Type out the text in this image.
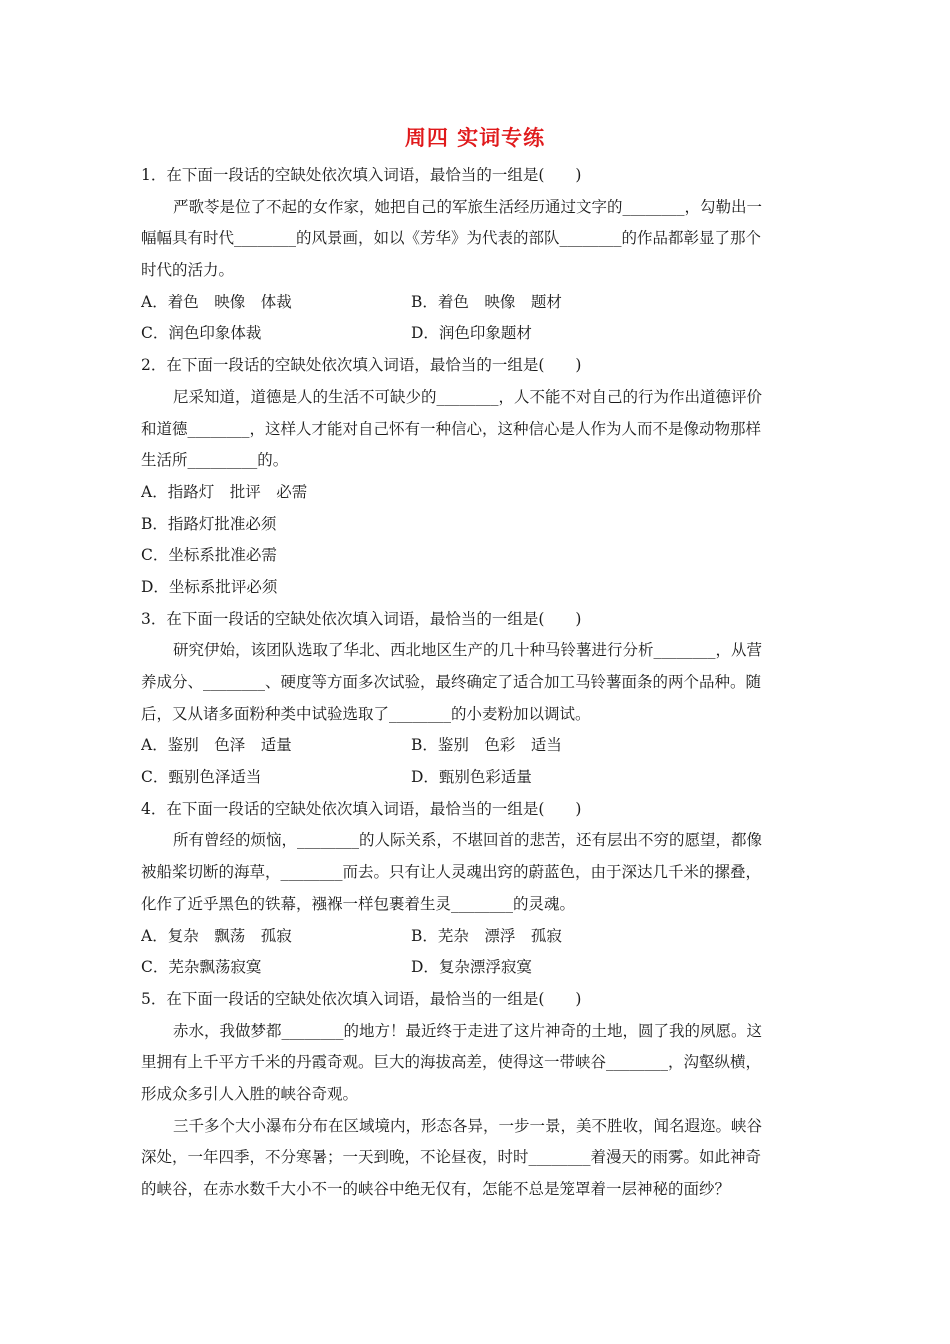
周四 实词专练
1．在下面一段话的空缺处依次填入词语，最恰当的一组是(　　)
严歌苓是位了不起的女作家，她把自己的军旅生活经历通过文字的________，勾勒出一
幅幅具有时代________的风景画，如以《芳华》为代表的部队________的作品都彰显了那个
时代的活力。
A．着色　映像　体裁	B．着色　映像　题材
C．润色印象体裁	D．润色印象题材
2．在下面一段话的空缺处依次填入词语，最恰当的一组是(　　)
尼采知道，道德是人的生活不可缺少的________，人不能不对自己的行为作出道德评价
和道德________，这样人才能对自己怀有一种信心，这种信心是人作为人而不是像动物那样
生活所_________的。
A．指路灯　批评　必需
B．指路灯批准必须
C．坐标系批准必需
D．坐标系批评必须
3．在下面一段话的空缺处依次填入词语，最恰当的一组是(　　)
研究伊始，该团队选取了华北、西北地区生产的几十种马铃薯进行分析________，从营
养成分、________、硬度等方面多次试验，最终确定了适合加工马铃薯面条的两个品种。随
后，又从诸多面粉种类中试验选取了________的小麦粉加以调试。
A．鉴别　色泽　适量	B．鉴别　色彩　适当
C．甄别色泽适当	D．甄别色彩适量
4．在下面一段话的空缺处依次填入词语，最恰当的一组是(　　)
所有曾经的烦恼，________的人际关系，不堪回首的悲苦，还有层出不穷的愿望，都像
被船桨切断的海草，________而去。只有让人灵魂出窍的蔚蓝色，由于深达几千米的摞叠，
化作了近乎黑色的铁幕，襁褓一样包裹着生灵________的灵魂。
A．复杂　飘荡　孤寂	B．芜杂　漂浮　孤寂
C．芜杂飘荡寂寞	D．复杂漂浮寂寞
5．在下面一段话的空缺处依次填入词语，最恰当的一组是(　　)
赤水，我做梦都________的地方！最近终于走进了这片神奇的土地，圆了我的夙愿。这
里拥有上千平方千米的丹霞奇观。巨大的海拔高差，使得这一带峡谷________，沟壑纵横，
形成众多引人入胜的峡谷奇观。
三千多个大小瀑布分布在区域境内，形态各异，一步一景，美不胜收，闻名遐迩。峡谷
深处，一年四季，不分寒暑；一天到晚，不论昼夜，时时________着漫天的雨雾。如此神奇
的峡谷，在赤水数千大小不一的峡谷中绝无仅有，怎能不总是笼罩着一层神秘的面纱？
